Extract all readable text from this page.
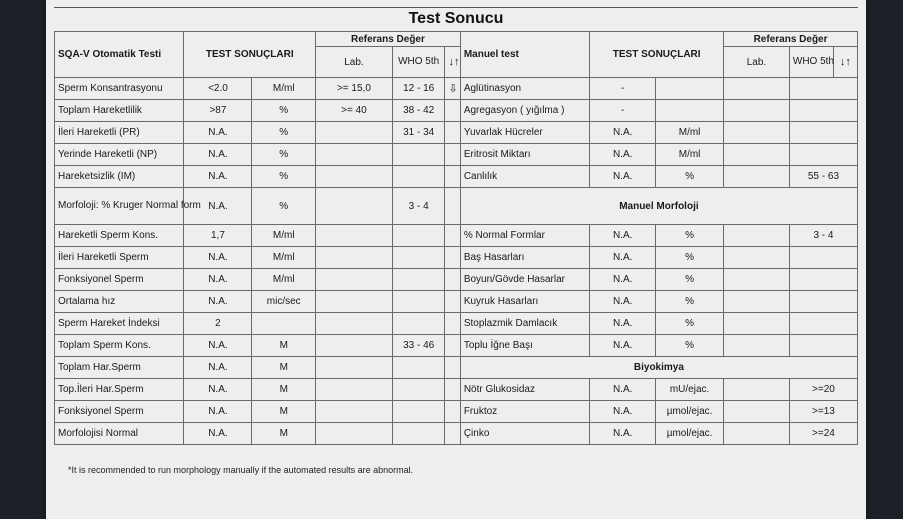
Test Sonucu
SQA-V Otomatik Testi	TEST SONUÇLARI		Referans Değer			Manuel test	TEST SONUÇLARI		Referans Değer		
			Lab.	WHO 5th	↓↑				Lab.	WHO 5th	↓↑
Sperm Konsantrasyonu	<2.0	M/ml	>= 15,0	12 - 16	⇩	Aglütinasyon	-				
Toplam Hareketlilik	>87	%	>= 40	38 - 42		Agregasyon ( yığılma )	-				
İleri Hareketli (PR)	N.A.	%		31 - 34		Yuvarlak Hücreler	N.A.	M/ml			
Yerinde Hareketli (NP)	N.A.	%				Eritrosit Miktarı	N.A.	M/ml			
Hareketsizlik (IM)	N.A.	%				Canlılık	N.A.	%		55 - 63	
Morfoloji: % Kruger Normal form	N.A.	%		3 - 4		Manuel Morfoloji					
Hareketli Sperm Kons.	1,7	M/ml				% Normal Formlar	N.A.	%		3 - 4	
İleri Hareketli Sperm	N.A.	M/ml				Baş Hasarları	N.A.	%			
Fonksiyonel Sperm	N.A.	M/ml				Boyun/Gövde Hasarlar	N.A.	%			
Ortalama hız	N.A.	mic/sec				Kuyruk Hasarları	N.A.	%			
Sperm Hareket İndeksi	2					Stoplazmik Damlacık	N.A.	%			
Toplam Sperm Kons.	N.A.	M		33 - 46		Toplu İğne Başı	N.A.	%			
Toplam Har.Sperm	N.A.	M				Biyokimya					
Top.İleri Har.Sperm	N.A.	M				Nötr Glukosidaz	N.A.	mU/ejac.		>=20	
Fonksiyonel Sperm	N.A.	M				Fruktoz	N.A.	µmol/ejac.		>=13	
Morfolojisi Normal	N.A.	M				Çinko	N.A.	µmol/ejac.		>=24	
*It is recommended to run morphology manually if the automated results are abnormal.
